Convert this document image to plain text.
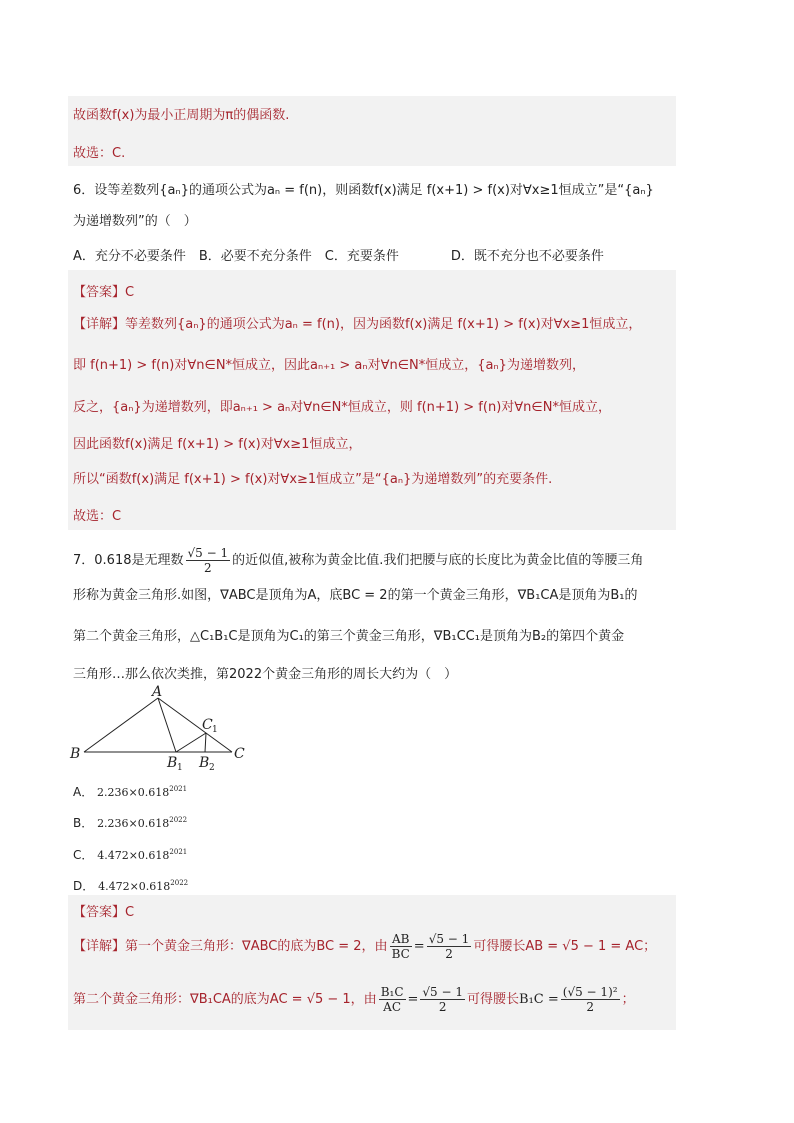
故函数f(x)为最小正周期为π的偶函数.
故选：C.
6．设等差数列{aₙ}的通项公式为aₙ = f(n)，则函数f(x)满足 f(x+1) > f(x)对∀x≥1恒成立”是“{aₙ}
为递增数列”的（　）
A．充分不必要条件　B．必要不充分条件　C．充要条件　　　　D．既不充分也不必要条件
【答案】C
【详解】等差数列{aₙ}的通项公式为aₙ = f(n)，因为函数f(x)满足 f(x+1) > f(x)对∀x≥1恒成立，
即 f(n+1) > f(n)对∀n∈N*恒成立，因此aₙ₊₁ > aₙ对∀n∈N*恒成立，{aₙ}为递增数列，
反之，{aₙ}为递增数列，即aₙ₊₁ > aₙ对∀n∈N*恒成立，则 f(n+1) > f(n)对∀n∈N*恒成立，
因此函数f(x)满足 f(x+1) > f(x)对∀x≥1恒成立，
所以“函数f(x)满足 f(x+1) > f(x)对∀x≥1恒成立”是“{aₙ}为递增数列”的充要条件.
故选：C
7．0.618是无理数 $\frac{√5 - 1}{2}$ 的近似值,被称为黄金比值.我们把腰与底的长度比为黄金比值的等腰三角
形称为黄金三角形.如图，∇ABC是顶角为A，底BC = 2的第一个黄金三角形，∇B₁CA是顶角为B₁的
第二个黄金三角形，△C₁B₁C是顶角为C₁的第三个黄金三角形，∇B₁CC₁是顶角为B₂的第四个黄金
三角形…那么依次类推，第2022个黄金三角形的周长大约为（　）
A
B	C
C 1
B 1 B 2
A． $2.236\times 0.618^{2021}$
B． $2.236\times 0.618^{2022}$
C． $4.472\times 0.618^{2021}$
D． $4.472\times 0.618^{2022}$
【答案】C
【详解】第一个黄金三角形：∇ABC的底为BC = 2，由 $\frac{AB}{BC} = \frac{√5 - 1}{2}$ 可得腰长AB = √5 − 1 = AC；
第二个黄金三角形：∇B₁CA的底为AC = √5 − 1，由 $\frac{\text{B₁C}}{AC} = \frac{√5 - 1}{2}$ 可得腰长$B_1C = \frac{\text{(√5 − 1)²}}{2}$ ；
